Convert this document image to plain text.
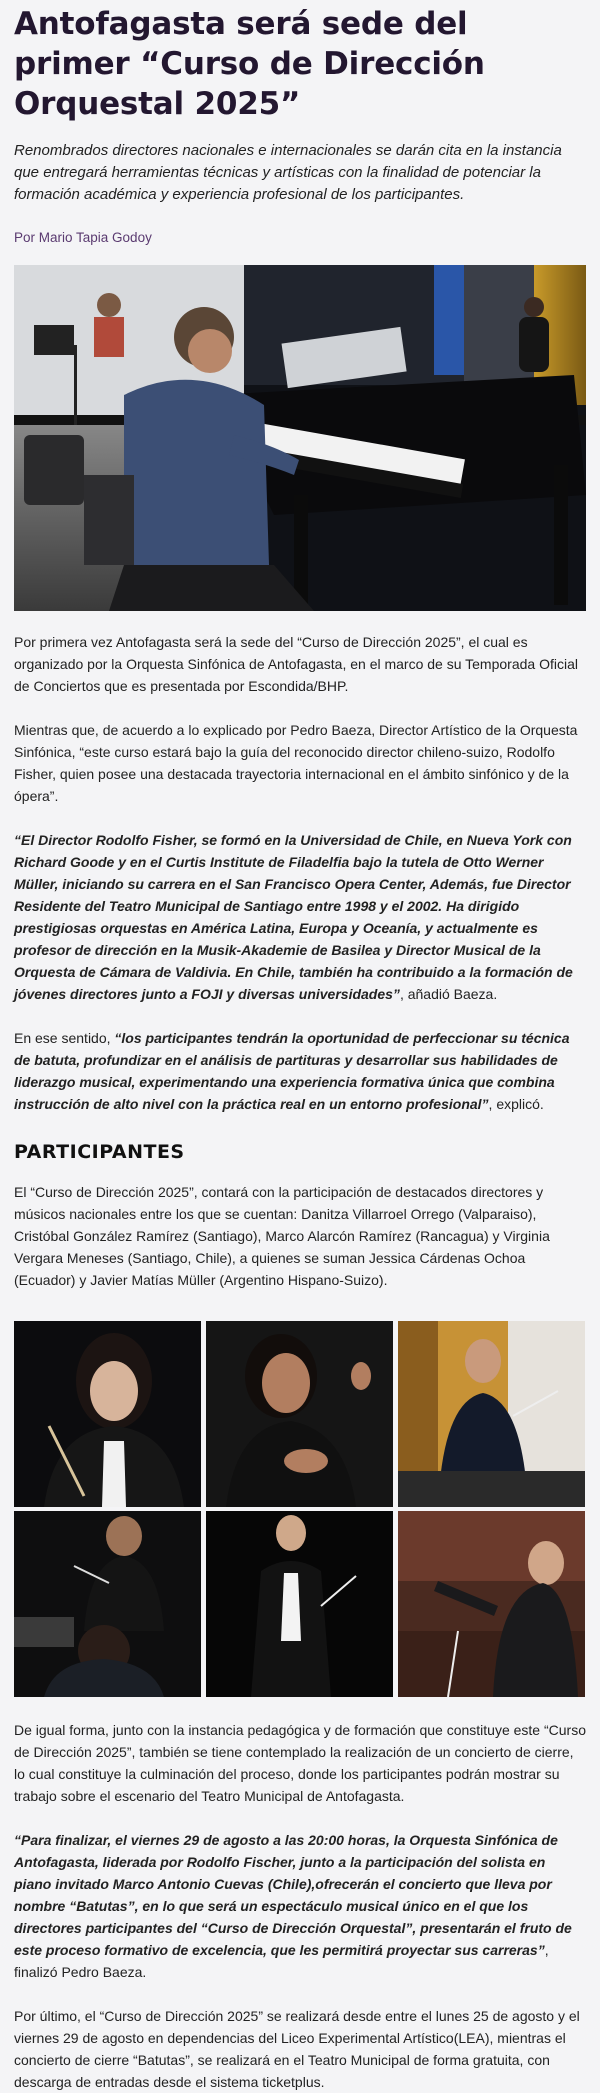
Antofagasta será sede del primer “Curso de Dirección Orquestal 2025”

Renombrados directores nacionales e internacionales se darán cita en la instancia que entregará herramientas técnicas y artísticas con la finalidad de potenciar la formación académica y experiencia profesional de los participantes.

Por Mario Tapia Godoy

Por primera vez Antofagasta será la sede del “Curso de Dirección 2025”, el cual es organizado por la Orquesta Sinfónica de Antofagasta, en el marco de su Temporada Oficial de Conciertos que es presentada por Escondida/BHP.

Mientras que, de acuerdo a lo explicado por Pedro Baeza, Director Artístico de la Orquesta Sinfónica, “este curso estará bajo la guía del reconocido director chileno-suizo, Rodolfo Fisher, quien posee una destacada trayectoria internacional en el ámbito sinfónico y de la ópera”.

“El Director Rodolfo Fisher, se formó en la Universidad de Chile, en Nueva York con Richard Goode y en el Curtis Institute de Filadelfia bajo la tutela de Otto Werner Müller, iniciando su carrera en el San Francisco Opera Center, Además, fue Director Residente del Teatro Municipal de Santiago entre 1998 y el 2002. Ha dirigido prestigiosas orquestas en América Latina, Europa y Oceanía, y actualmente es profesor de dirección en la Musik-Akademie de Basilea y Director Musical de la Orquesta de Cámara de Valdivia. En Chile, también ha contribuido a la formación de jóvenes directores junto a FOJI y diversas universidades”, añadió Baeza.

En ese sentido, “los participantes tendrán la oportunidad de perfeccionar su técnica de batuta, profundizar en el análisis de partituras y desarrollar sus habilidades de liderazgo musical, experimentando una experiencia formativa única que combina instrucción de alto nivel con la práctica real en un entorno profesional”, explicó.

PARTICIPANTES

El “Curso de Dirección 2025”, contará con la participación de destacados directores y músicos nacionales entre los que se cuentan: Danitza Villarroel Orrego (Valparaiso), Cristóbal González Ramírez (Santiago), Marco Alarcón Ramírez (Rancagua) y Virginia Vergara Meneses (Santiago, Chile), a quienes se suman Jessica Cárdenas Ochoa (Ecuador) y Javier Matías Müller (Argentino Hispano-Suizo).

De igual forma, junto con la instancia pedagógica y de formación que constituye este “Curso de Dirección 2025”, también se tiene contemplado la realización de un concierto de cierre, lo cual constituye la culminación del proceso, donde los participantes podrán mostrar su trabajo sobre el escenario del Teatro Municipal de Antofagasta.

“Para finalizar, el viernes 29 de agosto a las 20:00 horas, la Orquesta Sinfónica de Antofagasta, liderada por Rodolfo Fischer, junto a la participación del solista en piano invitado Marco Antonio Cuevas (Chile),ofrecerán el concierto que lleva por nombre “Batutas”, en lo que será un espectáculo musical único en el que los directores participantes del “Curso de Dirección Orquestal”, presentarán el fruto de este proceso formativo de excelencia, que les permitirá proyectar sus carreras”, finalizó Pedro Baeza.

Por último, el “Curso de Dirección 2025” se realizará desde entre el lunes 25 de agosto y el viernes 29 de agosto en dependencias del Liceo Experimental Artístico(LEA), mientras el concierto de cierre “Batutas”, se realizará en el Teatro Municipal de forma gratuita, con descarga de entradas desde el sistema ticketplus.
